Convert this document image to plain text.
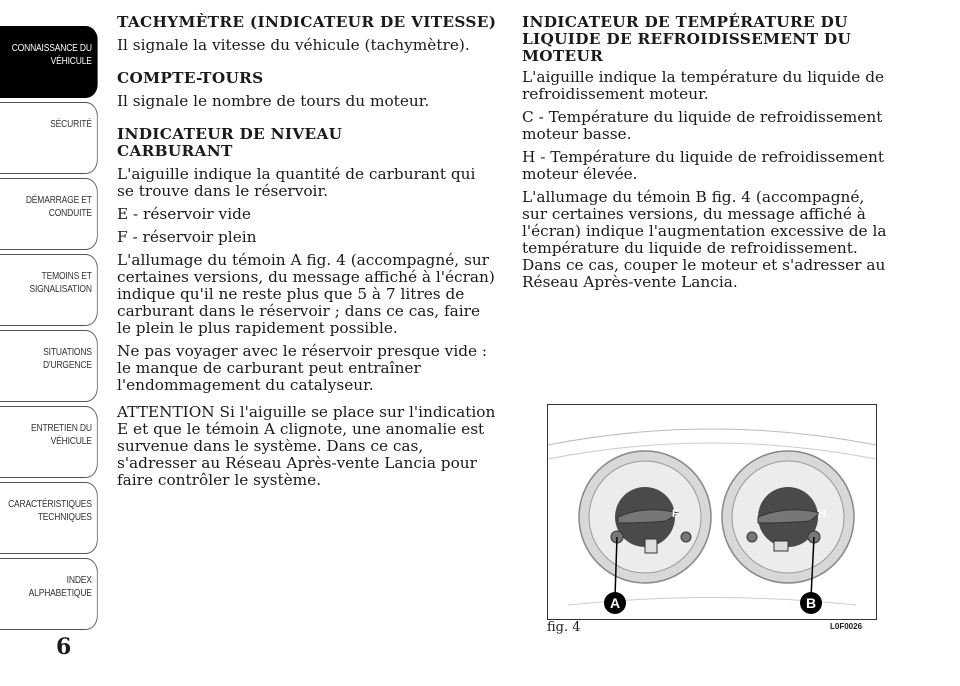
CONNAISSANCE DU
VÉHICULE
SÉCURITÉ
DÉMARRAGE ET
CONDUITE
TEMOINS ET
SIGNALISATION
SITUATIONS
D'URGENCE
ENTRETIEN DU
VÉHICULE
CARACTÉRISTIQUES
TECHNIQUES
INDEX
ALPHABETIQUE
6
TACHYMÈTRE (INDICATEUR DE VITESSE)

Il signale la vitesse du véhicule (tachymètre).

COMPTE-TOURS

Il signale le nombre de tours du moteur.

INDICATEUR DE NIVEAU
CARBURANT

L'aiguille indique la quantité de carburant qui se trouve dans le réservoir.

E - réservoir vide

F - réservoir plein

L'allumage du témoin A fig. 4 (accompagné, sur certaines versions, du message affiché à l'écran) indique qu'il ne reste plus que 5 à 7 litres de carburant dans le réservoir ; dans ce cas, faire le plein le plus rapidement possible.

Ne pas voyager avec le réservoir presque vide : le manque de carburant peut entraîner l'endommagement du catalyseur.

ATTENTION Si l'aiguille se place sur l'indication E et que le témoin A clignote, une anomalie est survenue dans le système. Dans ce cas, s'adresser au Réseau Après-vente Lancia pour faire contrôler le système.

INDICATEUR DE TEMPÉRATURE DU
LIQUIDE DE REFROIDISSEMENT DU
MOTEUR

L'aiguille indique la température du liquide de refroidissement moteur.

C - Température du liquide de refroidissement moteur basse.

H - Température du liquide de refroidissement moteur élevée.

L'allumage du témoin B fig. 4 (accompagné, sur certaines versions, du message affiché à l'écran) indique l'augmentation excessive de la température du liquide de refroidissement. Dans ce cas, couper le moteur et s'adresser au Réseau Après-vente Lancia.

F	H
A	B
fig. 4	L0F0026
